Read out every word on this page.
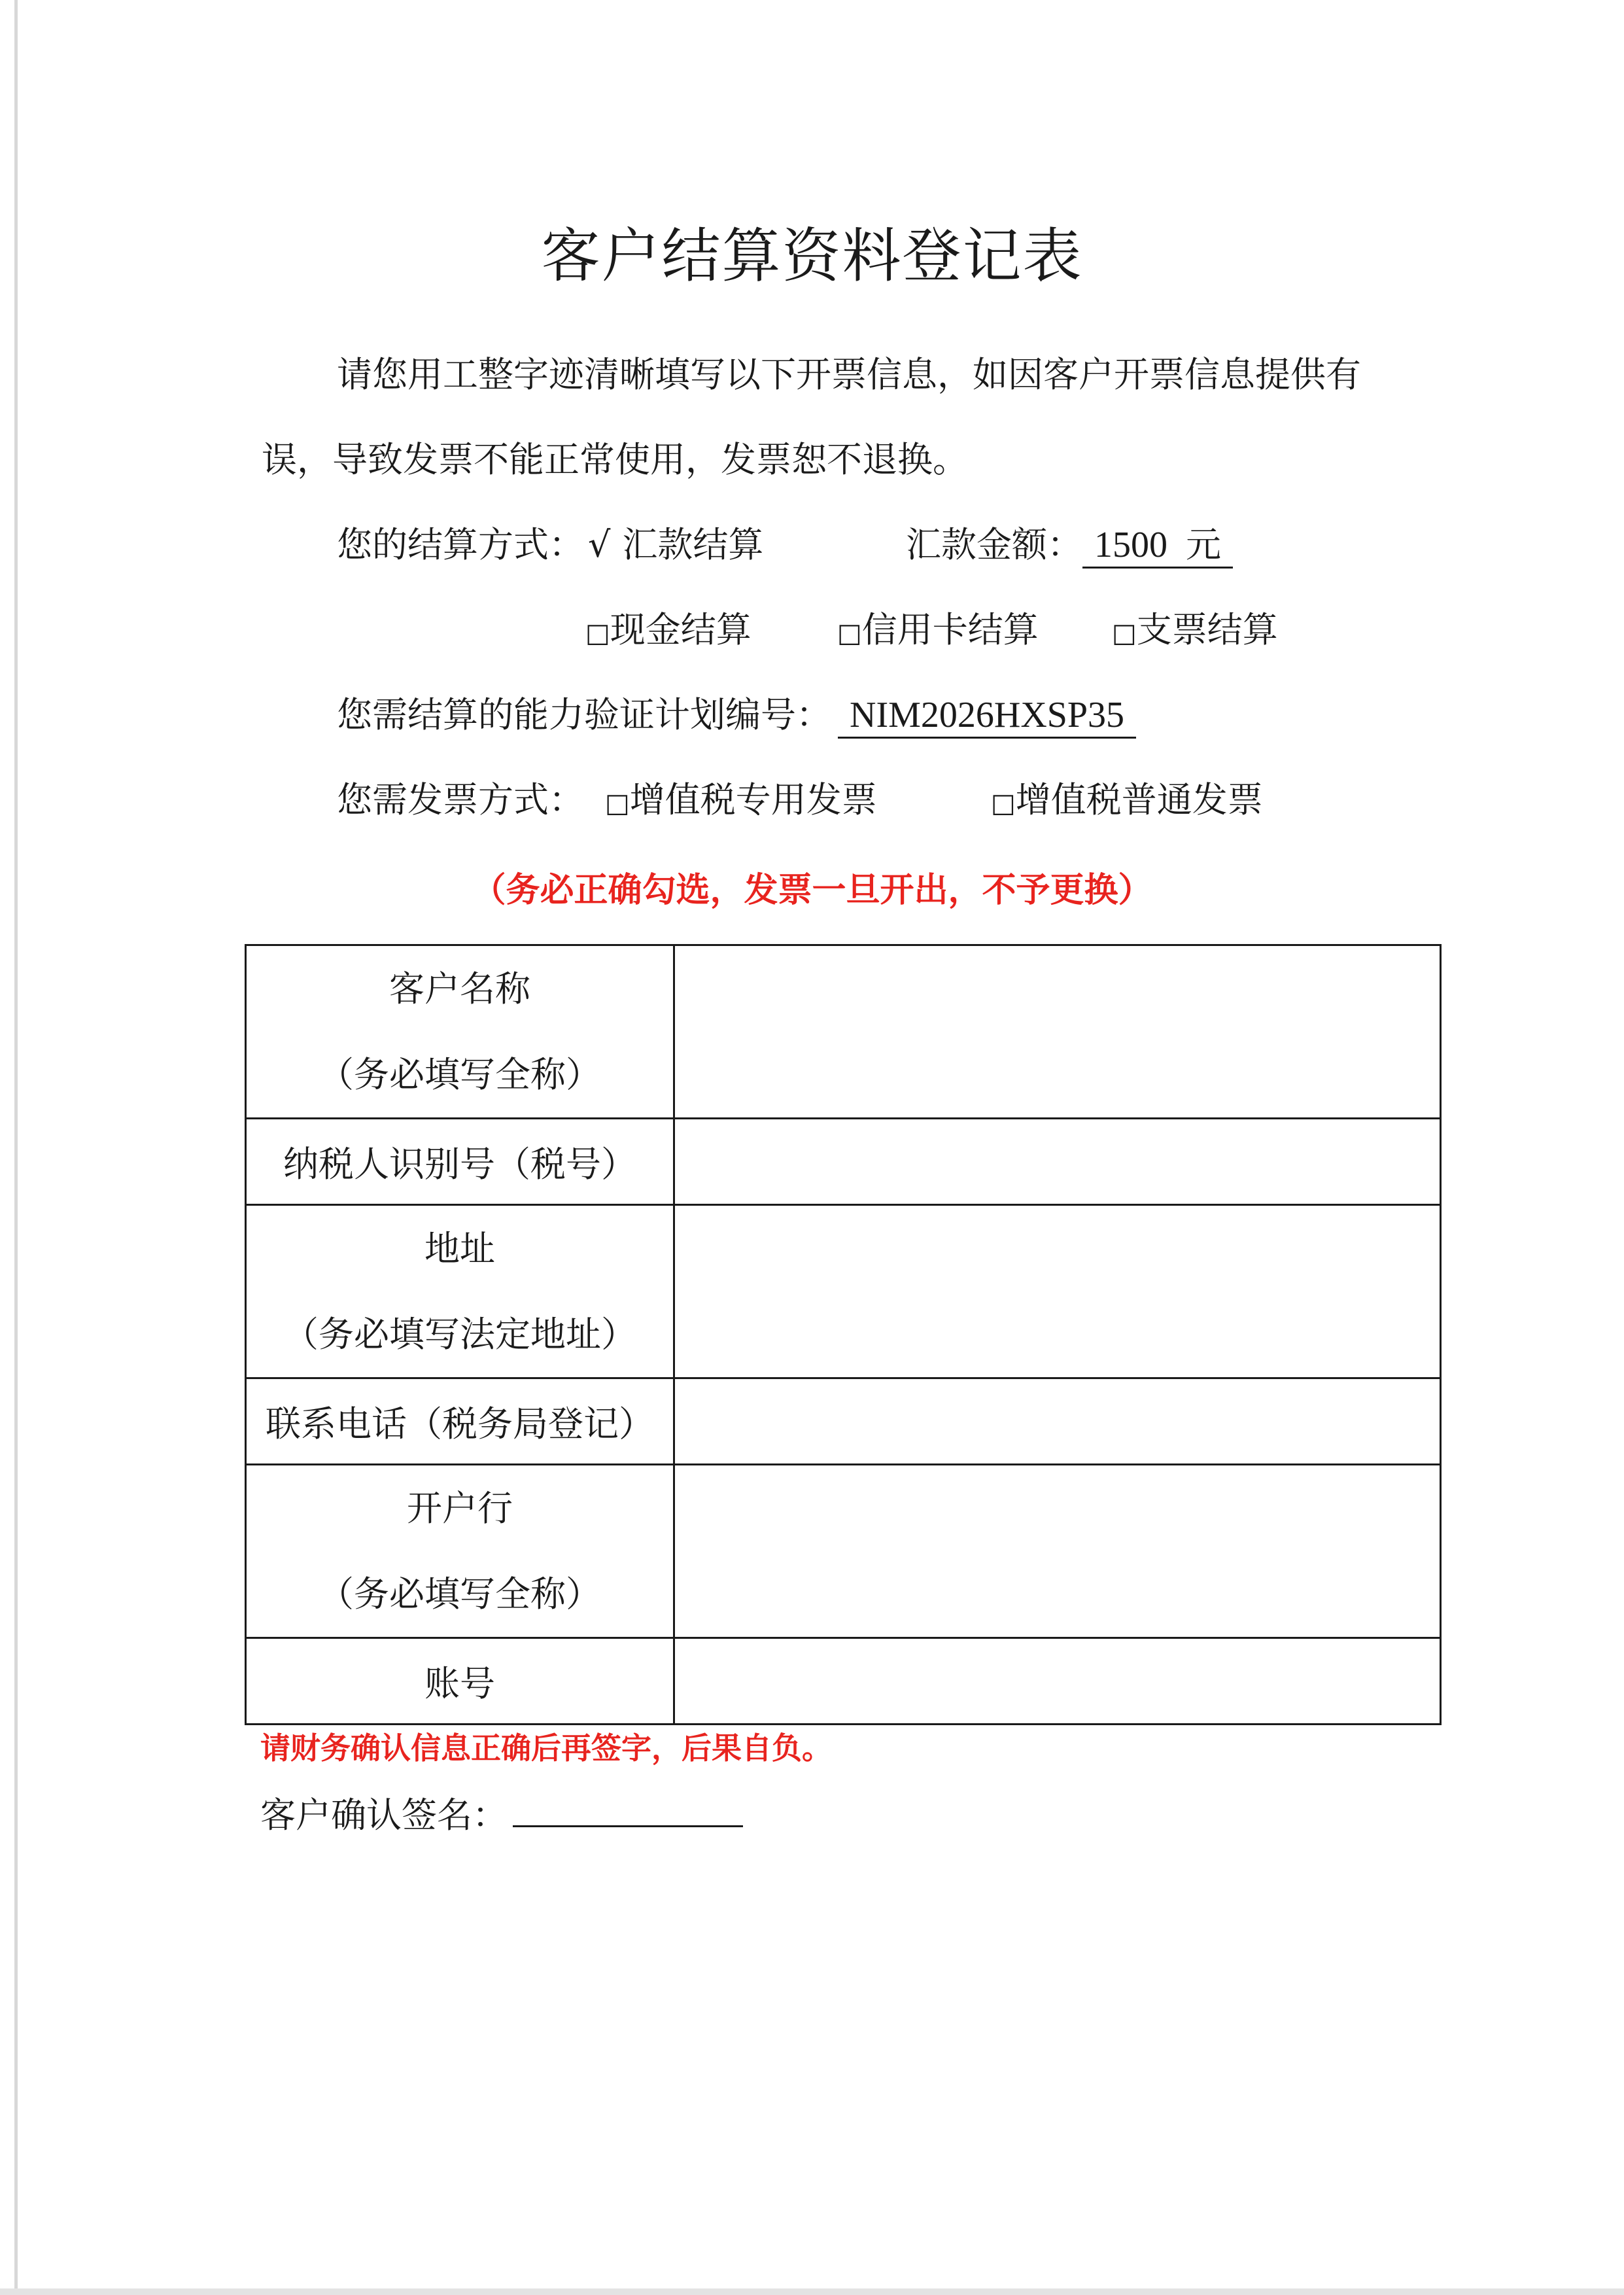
客户结算资料登记表
请您用工整字迹清晰填写以下开票信息，如因客户开票信息提供有
误，导致发票不能正常使用，发票恕不退换。
您的结算方式： √ 汇款结算	汇款金额： 1500 元
□现金结算	□信用卡结算	□支票结算
您需结算的能力验证计划编号： NIM2026HXSP35
您需发票方式： □增值税专用发票	□增值税普通发票
（务必正确勾选，发票一旦开出，不予更换）
客户名称
（务必填写全称）	

纳税人识别号（税号）	

地址
（务必填写法定地址）	

联系电话（税务局登记）	

开户行
（务必填写全称）	

账号	
请财务确认信息正确后再签字，后果自负。
客户确认签名：
